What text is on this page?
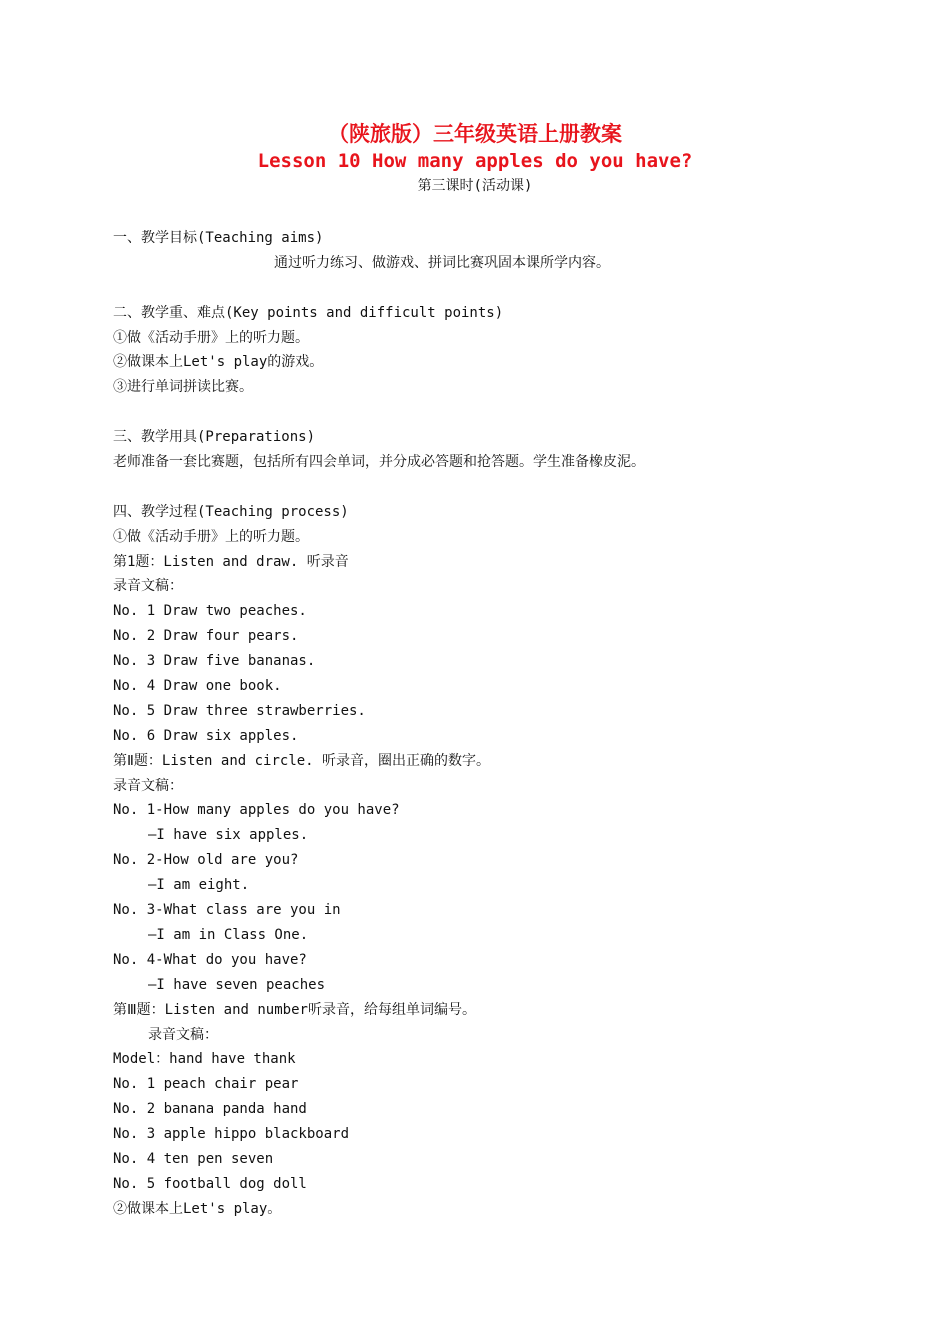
（陕旅版）三年级英语上册教案
Lesson 10 How many apples do you have?
第三课时(活动课)
一、教学目标(Teaching aims)
通过听力练习、做游戏、拼词比赛巩固本课所学内容。
二、教学重、难点(Key points and difficult points)
①做《活动手册》上的听力题。
②做课本上Let's play的游戏。
③进行单词拼读比赛。
三、教学用具(Preparations)
老师准备一套比赛题，包括所有四会单词，并分成必答题和抢答题。学生准备橡皮泥。
四、教学过程(Teaching process)
①做《活动手册》上的听力题。
第1题：Listen and draw. 听录音
录音文稿：
No. 1 Draw two peaches.
No. 2 Draw four pears.
No. 3 Draw five bananas.
No. 4 Draw one book.
No. 5 Draw three strawberries.
No. 6 Draw six apples.
第Ⅱ题：Listen and circle. 听录音，圈出正确的数字。
录音文稿：
No. 1-How many apples do you have?
—I have six apples.
No. 2-How old are you?
—I am eight.
No. 3-What class are you in
—I am in Class One.
No. 4-What do you have?
—I have seven peaches
第Ⅲ题：Listen and number听录音，给每组单词编号。
录音文稿：
Model：hand have thank
No. 1 peach chair pear
No. 2 banana panda hand
No. 3 apple hippo blackboard
No. 4 ten pen seven
No. 5 football dog doll
②做课本上Let's play。
